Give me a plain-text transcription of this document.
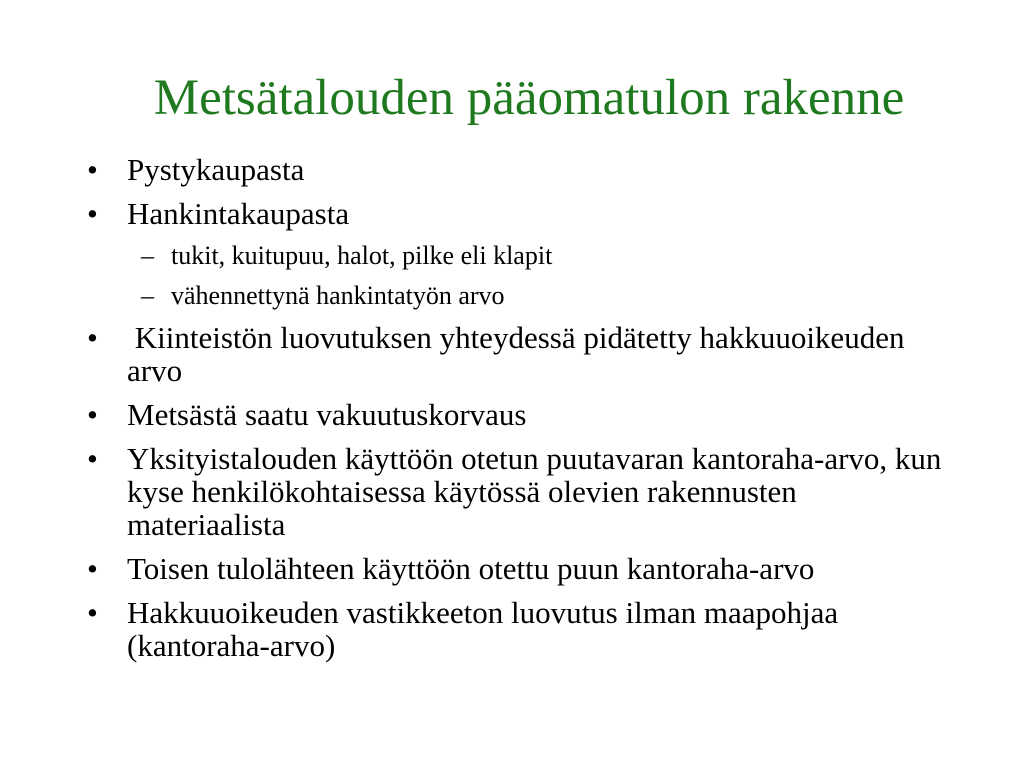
Metsätalouden pääomatulon rakenne
• Pystykaupasta
• Hankintakaupasta
– tukit, kuitupuu, halot, pilke eli klapit
– vähennettynä hankintatyön arvo
• Kiinteistön luovutuksen yhteydessä pidätetty hakkuuoikeuden arvo
• Metsästä saatu vakuutuskorvaus
• Yksityistalouden käyttöön otetun puutavaran kantoraha-arvo, kun kyse henkilökohtaisessa käytössä olevien rakennusten materiaalista
• Toisen tulolähteen käyttöön otettu puun kantoraha-arvo
• Hakkuuoikeuden vastikkeeton luovutus ilman maapohjaa  (kantoraha-arvo)
